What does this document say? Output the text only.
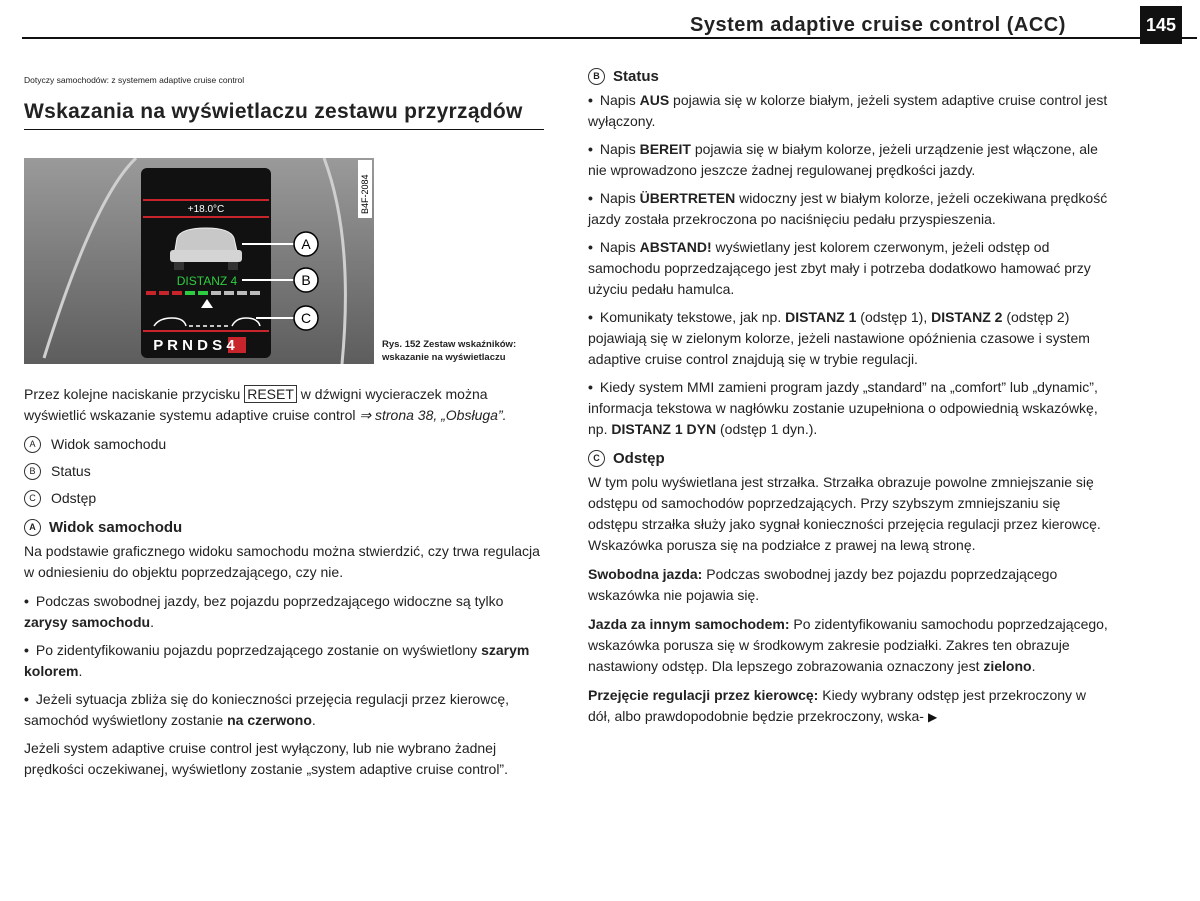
System adaptive cruise control (ACC)	145
Dotyczy samochodów: z systemem adaptive cruise control
Wskazania na wyświetlaczu zestawu przyrządów
+18.0°C
DISTANZ 4
P R N D S 4
A
B
C
B4F-2084
Rys. 152 Zestaw wskaźników: wskazanie na wyświetlaczu

Przez kolejne naciskanie przycisku RESET w dźwigni wycieraczek można wyświetlić wskazanie systemu adaptive cruise control ⇒ strona 38, „Obsługa”.

A	Widok samochodu
B	Status
C	Odstęp
A Widok samochodu

Na podstawie graficznego widoku samochodu można stwierdzić, czy trwa regulacja w odniesieniu do objektu poprzedzającego, czy nie.

• Podczas swobodnej jazdy, bez pojazdu poprzedzającego widoczne są tylko zarysy samochodu.
• Po zidentyfikowaniu pojazdu poprzedzającego zostanie on wyświetlony szarym kolorem.
• Jeżeli sytuacja zbliża się do konieczności przejęcia regulacji przez kierowcę, samochód wyświetlony zostanie na czerwono.

Jeżeli system adaptive cruise control jest wyłączony, lub nie wybrano żadnej prędkości oczekiwanej, wyświetlony zostanie „system adaptive cruise control”.

B Status
• Napis AUS pojawia się w kolorze białym, jeżeli system adaptive cruise control jest wyłączony.
• Napis BEREIT pojawia się w białym kolorze, jeżeli urządzenie jest włączone, ale nie wprowadzono jeszcze żadnej regulowanej prędkości jazdy.
• Napis ÜBERTRETEN widoczny jest w białym kolorze, jeżeli oczekiwana prędkość jazdy została przekroczona po naciśnięciu pedału przyspieszenia.
• Napis ABSTAND! wyświetlany jest kolorem czerwonym, jeżeli odstęp od samochodu poprzedzającego jest zbyt mały i potrzeba dodatkowo hamować przy użyciu pedału hamulca.
• Komunikaty tekstowe, jak np. DISTANZ 1 (odstęp 1), DISTANZ 2 (odstęp 2) pojawiają się w zielonym kolorze, jeżeli nastawione opóźnienia czasowe i system adaptive cruise control znajdują się w trybie regulacji.
• Kiedy system MMI zamieni program jazdy „standard” na „comfort” lub „dynamic”, informacja tekstowa w nagłówku zostanie uzupełniona o odpowiednią wskazówkę, np. DISTANZ 1 DYN (odstęp 1 dyn.).
C Odstęp

W tym polu wyświetlana jest strzałka. Strzałka obrazuje powolne zmniejszanie się odstępu od samochodów poprzedzających. Przy szybszym zmniejszaniu się odstępu strzałka służy jako sygnał konieczności przejęcia regulacji przez kierowcę. Wskazówka porusza się na podziałce z prawej na lewą stronę.

Swobodna jazda: Podczas swobodnej jazdy bez pojazdu poprzedzającego wskazówka nie pojawia się.

Jazda za innym samochodem: Po zidentyfikowaniu samochodu poprzedzającego, wskazówka porusza się w środkowym zakresie podziałki. Zakres ten obrazuje nastawiony odstęp. Dla lepszego zobrazowania oznaczony jest zielono.

Przejęcie regulacji przez kierowcę: Kiedy wybrany odstęp jest przekroczony w dół, albo prawdopodobnie będzie przekroczony, wska- ▶
